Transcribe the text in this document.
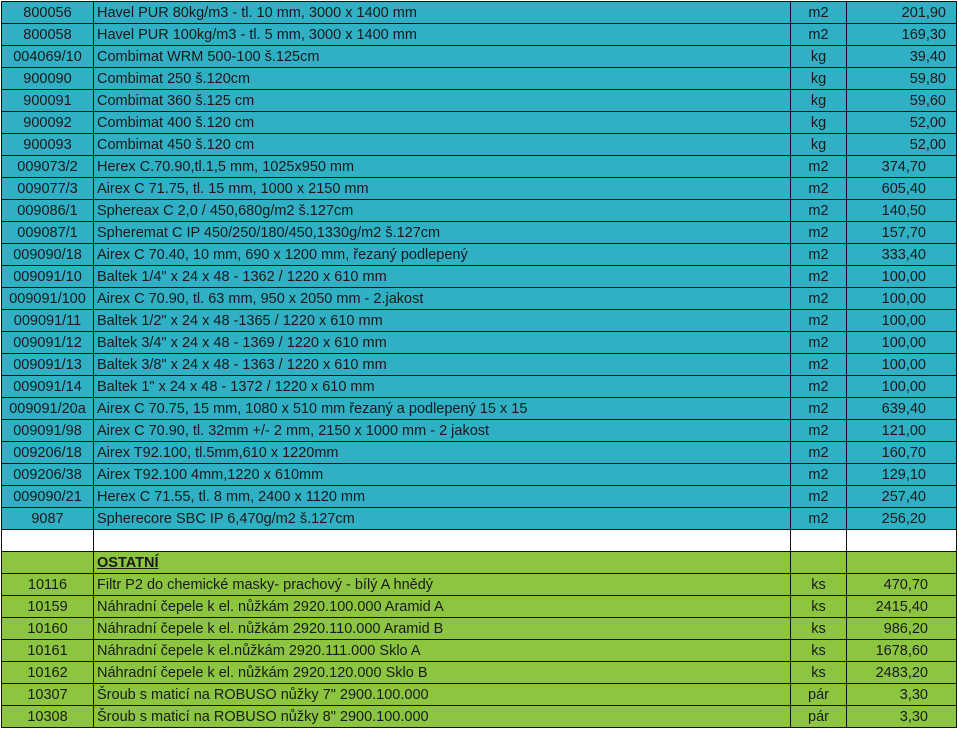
800056	Havel PUR 80kg/m3 - tl. 10 mm, 3000 x 1400 mm	m2	201,90
800058	Havel PUR 100kg/m3 - tl. 5 mm, 3000 x 1400 mm	m2	169,30
004069/10	Combimat WRM 500-100 š.125cm	kg	39,40
900090	Combimat 250 š.120cm	kg	59,80
900091	Combimat 360 š.125 cm	kg	59,60
900092	Combimat 400 š.120 cm	kg	52,00
900093	Combimat 450 š.120 cm	kg	52,00
009073/2	Herex C.70.90,tl.1,5 mm, 1025x950 mm	m2	374,70
009077/3	Airex C 71.75, tl. 15 mm, 1000 x 2150 mm	m2	605,40
009086/1	Sphereax C 2,0 / 450,680g/m2 š.127cm	m2	140,50
009087/1	Spheremat C IP 450/250/180/450,1330g/m2 š.127cm	m2	157,70
009090/18	Airex C 70.40, 10 mm, 690 x 1200 mm, řezaný podlepený	m2	333,40
009091/10	Baltek 1/4" x 24 x 48 - 1362 / 1220 x 610 mm	m2	100,00
009091/100	Airex C 70.90, tl. 63 mm, 950 x 2050 mm - 2.jakost	m2	100,00
009091/11	Baltek 1/2" x 24 x 48 -1365 / 1220 x 610 mm	m2	100,00
009091/12	Baltek 3/4" x 24 x 48 - 1369 / 1220 x 610 mm	m2	100,00
009091/13	Baltek 3/8" x 24 x 48 - 1363 / 1220 x 610 mm	m2	100,00
009091/14	Baltek 1" x 24 x 48 - 1372 / 1220 x 610 mm	m2	100,00
009091/20a	Airex C 70.75, 15 mm, 1080 x 510 mm řezaný a podlepený 15 x 15	m2	639,40
009091/98	Airex C 70.90, tl. 32mm +/- 2 mm, 2150 x 1000 mm - 2 jakost	m2	121,00
009206/18	Airex T92.100, tl.5mm,610 x 1220mm	m2	160,70
009206/38	Airex T92.100 4mm,1220 x 610mm	m2	129,10
009090/21	Herex C 71.55, tl. 8 mm, 2400 x 1120 mm	m2	257,40
9087	Spherecore SBC IP 6,470g/m2 š.127cm	m2	256,20

	OSTATNÍ		
10116	Filtr P2 do chemické masky- prachový - bílý A hnědý	ks	470,70
10159	Náhradní čepele k el. nůžkám 2920.100.000 Aramid A	ks	2415,40
10160	Náhradní čepele k el. nůžkám 2920.110.000 Aramid B	ks	986,20
10161	Náhradní čepele k el.nůžkám 2920.111.000 Sklo A	ks	1678,60
10162	Náhradní čepele k el. nůžkám 2920.120.000 Sklo B	ks	2483,20
10307	Šroub s maticí na ROBUSO nůžky 7" 2900.100.000	pár	3,30
10308	Šroub s maticí na ROBUSO nůžky 8" 2900.100.000	pár	3,30
